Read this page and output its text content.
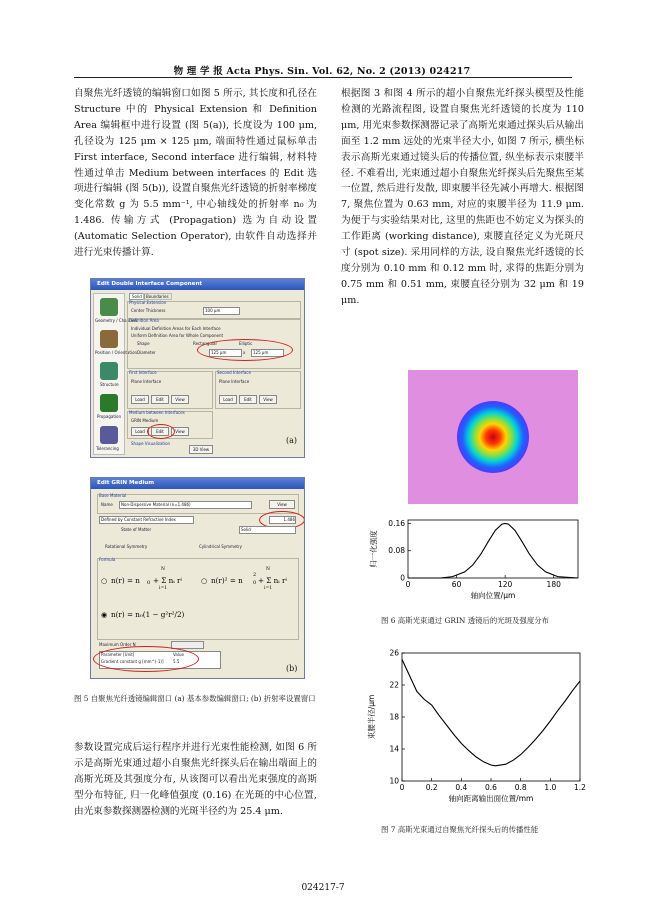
物 理 学 报 Acta Phys. Sin. Vol. 62, No. 2 (2013) 024217
自聚焦光纤透镜的编辑窗口如图 5 所示, 其长度和孔径在 Structure 中的 Physical Extension 和 Definition Area 编辑框中进行设置 (图 5(a)), 长度设为 100 μm, 孔径设为 125 μm × 125 μm, 端面特性通过鼠标单击 First interface, Second interface 进行编辑, 材料特性通过单击 Medium between interfaces 的 Edit 选项进行编辑 (图 5(b)), 设置自聚焦光纤透镜的折射率梯度变化常数 g 为 5.5 mm⁻¹, 中心轴线处的折射率 n₀ 为 1.486. 传输方式 (Propagation) 选为自动设置 (Automatic Selection Operator), 由软件自动选择并进行光束传播计算.
Edit Double Interface Component
Geometry / Channels
Position / Orientation
Structure
Propagation
Tolerancing
Solid	Boundaries
Physical Extension
Center Thickness	100 μm
Definition Area
Individual Definition Areas for Each Interface
Uniform Definition Area for Whole Component
Shape	Rectangular	Elliptic
Diameter	125 μm	x	125 μm
First Interface
Plane Interface
Load	Edit	View
Second Interface
Plane Interface
Load	Edit	View
Medium between Interfaces
GRIN Medium
Load	Edit	View
Shape Visualization
3D View
(a)
Edit GRIN Medium
Base Material
Name	Non-Dispersive Material (n=1.486)	View
Defined by Constant Refractive Index	1.486
State of Matter	Solid
Rotational Symmetry	Cylindrical Symmetry
Formula
○ n(r) = n 0 + Σ nᵢ rⁱ
N
i=1
○ n(r)² = n 0
2
+ Σ nᵢ rⁱ
N
i=1
◉ n(r) = n₀(1 − g²r²/2)
Maximum Order N
Parameter [Unit]	Value
Gradient constant g [mm^(-1)] 5.5
(b)
图 5 自聚焦光纤透镜编辑窗口 (a) 基本参数编辑窗口; (b) 折射率设置窗口
参数设置完成后运行程序并进行光束性能检测, 如图 6 所示是高斯光束通过超小自聚焦光纤探头后在输出端面上的高斯光斑及其强度分布, 从该图可以看出光束强度的高斯型分布特征, 归一化峰值强度 (0.16) 在光斑的中心位置, 由光束参数探测器检测的光斑半径约为 25.4 μm.
根据图 3 和图 4 所示的超小自聚焦光纤探头模型及性能检测的光路流程图, 设置自聚焦光纤透镜的长度为 110 μm, 用光束参数探测器记录了高斯光束通过探头后从输出面至 1.2 mm 远处的光束半径大小, 如图 7 所示, 横坐标表示高斯光束通过镜头后的传播位置, 纵坐标表示束腰半径. 不难看出, 光束通过超小自聚焦光纤探头后先聚焦至某一位置, 然后进行发散, 即束腰半径先减小再增大. 根据图 7, 聚焦位置为 0.63 mm, 对应的束腰半径为 11.9 μm. 为便于与实验结果对比, 这里的焦距也不妨定义为探头的工作距离 (working distance), 束腰直径定义为光斑尺寸 (spot size). 采用同样的方法, 设自聚焦光纤透镜的长度分别为 0.10 mm 和 0.12 mm 时, 求得的焦距分别为 0.75 mm 和 0.51 mm, 束腰直径分别为 32 μm 和 19 μm.
0	60	120	180
0
0.08
0.16
轴向位置/μm
归一化强度
图 6 高斯光束通过 GRIN 透镜后的光斑及强度分布
0	0.2 0.4 0.6 0.8 1.0 1.2
10
14
18
22
26
轴向距离输出面位置/mm
束腰半径/μm
图 7 高斯光束通过自聚焦光纤探头后的传播性能
024217-7
